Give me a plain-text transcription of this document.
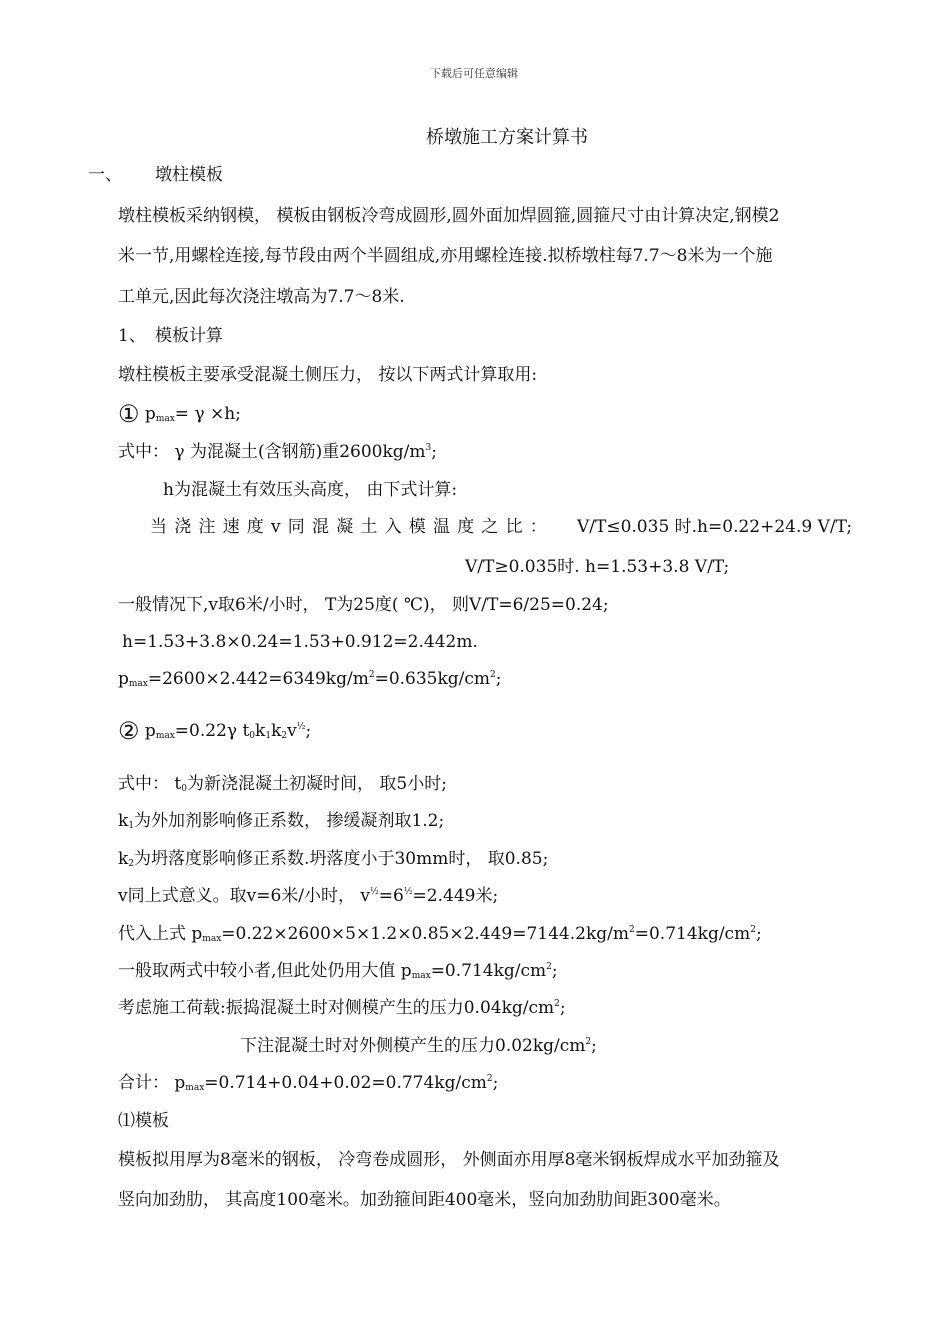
下载后可任意编辑
桥墩施工方案计算书
一、 墩柱模板
墩柱模板采纳钢模， 模板由钢板冷弯成圆形,圆外面加焊圆箍,圆箍尺寸由计算决定,钢模2
米一节,用螺栓连接,每节段由两个半圆组成,亦用螺栓连接.拟桥墩柱每7.7～8米为一个施
工单元,因此每次浇注墩高为7.7～8米.
1、 模板计算
墩柱模板主要承受混凝土侧压力， 按以下两式计算取用:
① $p_{max}= \gamma \times h$;
式中： γ 为混凝土(含钢筋)重$2600kg/m^3$;
h为混凝土有效压头高度， 由下式计算:
当浇注速度v同混凝土入模温度之比： V/T≤0.035 时.h=0.22+24.9 V/T;
V/T≥0.035时. h=1.53+3.8 V/T;
一般情况下,v取6米/小时， T为25度( ℃)， 则V/T=6/25=0.24;
h=1.53+3.8×0.24=1.53+0.912=2.442m.
$p_{max}=2600\times 2.442=6349kg/m^2=0.635kg/cm^2$;
② $p_{max}=0.22\gamma$ $t_0k_1k_2v^{\frac{1}{2}}$;
式中： $t_0$为新浇混凝土初凝时间， 取5小时;
$k_1$为外加剂影响修正系数， 掺缓凝剂取1.2;
$k_2$为坍落度影响修正系数.坍落度小于30mm时， 取0.85;
v同上式意义。取v=6米/小时， $v^{\frac{1}{2}}=6^{\frac{1}{2}}=2.449$米;
代入上式 $p_{max}=0.22\times 2600\times 5\times 1.2\times 0.85\times 2.449=7144.2kg/m^2=0.714kg/cm^2$;
一般取两式中较小者,但此处仍用大值 $p_{max}=0.714kg/cm^2$;
考虑施工荷载:振捣混凝土时对侧模产生的压力$0.04kg/cm^2$;
下注混凝土时对外侧模产生的压力$0.02kg/cm^2$;
合计： $p_{max}=0.714+0.04+0.02=0.774kg/cm^2$;
⑴模板
模板拟用厚为8毫米的钢板， 冷弯卷成圆形， 外侧面亦用厚8毫米钢板焊成水平加劲箍及
竖向加劲肋， 其高度100毫米。加劲箍间距400毫米，竖向加劲肋间距300毫米。
